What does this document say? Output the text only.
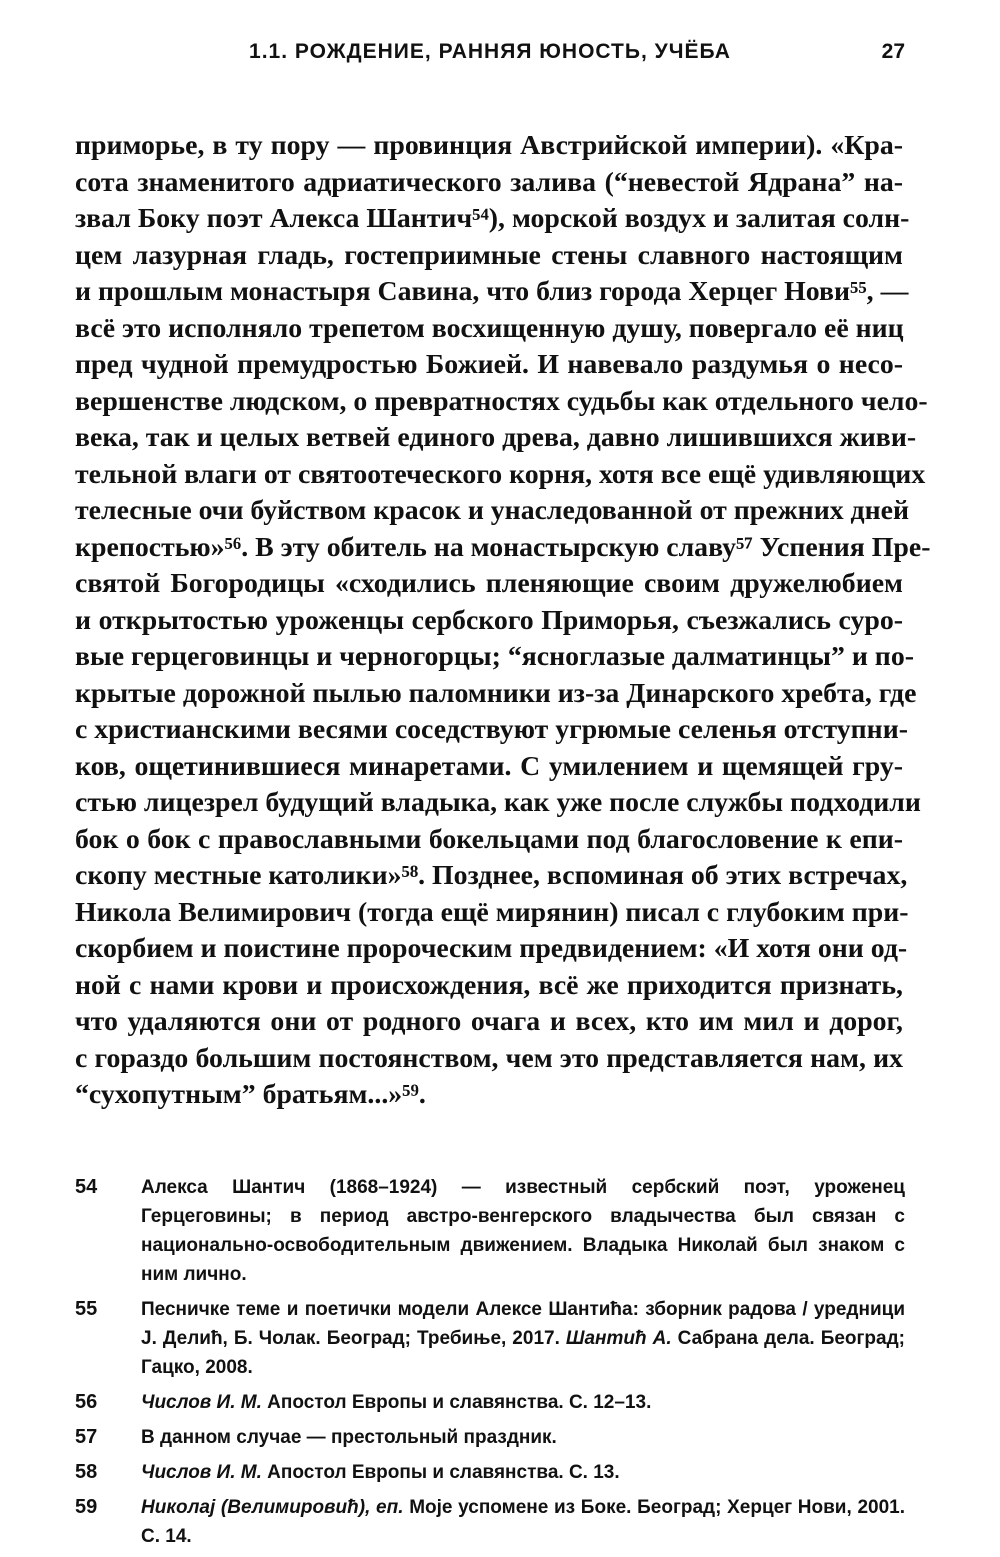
1.1. РОЖДЕНИЕ, РАННЯЯ ЮНОСТЬ, УЧЁБА	27
приморье, в ту пору — провинция Австрийской империи). «Кра-
сота знаменитого адриатического залива (“невестой Ядрана” на-
звал Боку поэт Алекса Шантич⁵⁴), морской воздух и залитая солн-
цем лазурная гладь, гостеприимные стены славного настоящим
и прошлым монастыря Савина, что близ города Херцег Нови⁵⁵, —
всё это исполняло трепетом восхищенную душу, повергало её ниц
пред чудной премудростью Божией. И навевало раздумья о несо-
вершенстве людском, о превратностях судьбы как отдельного чело-
века, так и целых ветвей единого древа, давно лишившихся живи-
тельной влаги от святоотеческого корня, хотя все ещё удивляющих
телесные очи буйством красок и унаследованной от прежних дней
крепостью»⁵⁶. В эту обитель на монастырскую славу⁵⁷ Успения Пре-
святой Богородицы «сходились пленяющие своим дружелюбием
и открытостью уроженцы сербского Приморья, съезжались суро-
вые герцеговинцы и черногорцы; “ясноглазые далматинцы” и по-
крытые дорожной пылью паломники из-за Динарского хребта, где
с христианскими весями соседствуют угрюмые селенья отступни-
ков, ощетинившиеся минаретами. С умилением и щемящей гру-
стью лицезрел будущий владыка, как уже после службы подходили
бок о бок с православными бокельцами под благословение к епи-
скопу местные католики»⁵⁸. Позднее, вспоминая об этих встречах,
Никола Велимирович (тогда ещё мирянин) писал с глубоким при-
скорбием и поистине пророческим предвидением: «И хотя они од-
ной с нами крови и происхождения, всё же приходится признать,
что удаляются они от родного очага и всех, кто им мил и дорог,
с гораздо большим постоянством, чем это представляется нам, их
“сухопутным” братьям...»⁵⁹.
54	Алекса Шантич (1868–1924) — известный сербский поэт, уроженец Герцеговины; в период австро-венгерского владычества был связан с национально-освободительным движением. Владыка Николай был знаком с ним лично.
55	Песничке теме и поетички модели Алексе Шантића: зборник радова / уредници Ј. Делић, Б. Чолак. Београд; Требиње, 2017. Шантић А. Сабрана дела. Београд; Гацко, 2008.
56	Числов И. М. Апостол Европы и славянства. С. 12–13.
57	В данном случае — престольный праздник.
58	Числов И. М. Апостол Европы и славянства. С. 13.
59	Николај (Велимировић), еп. Моје успомене из Боке. Београд; Херцег Нови, 2001. С. 14.
